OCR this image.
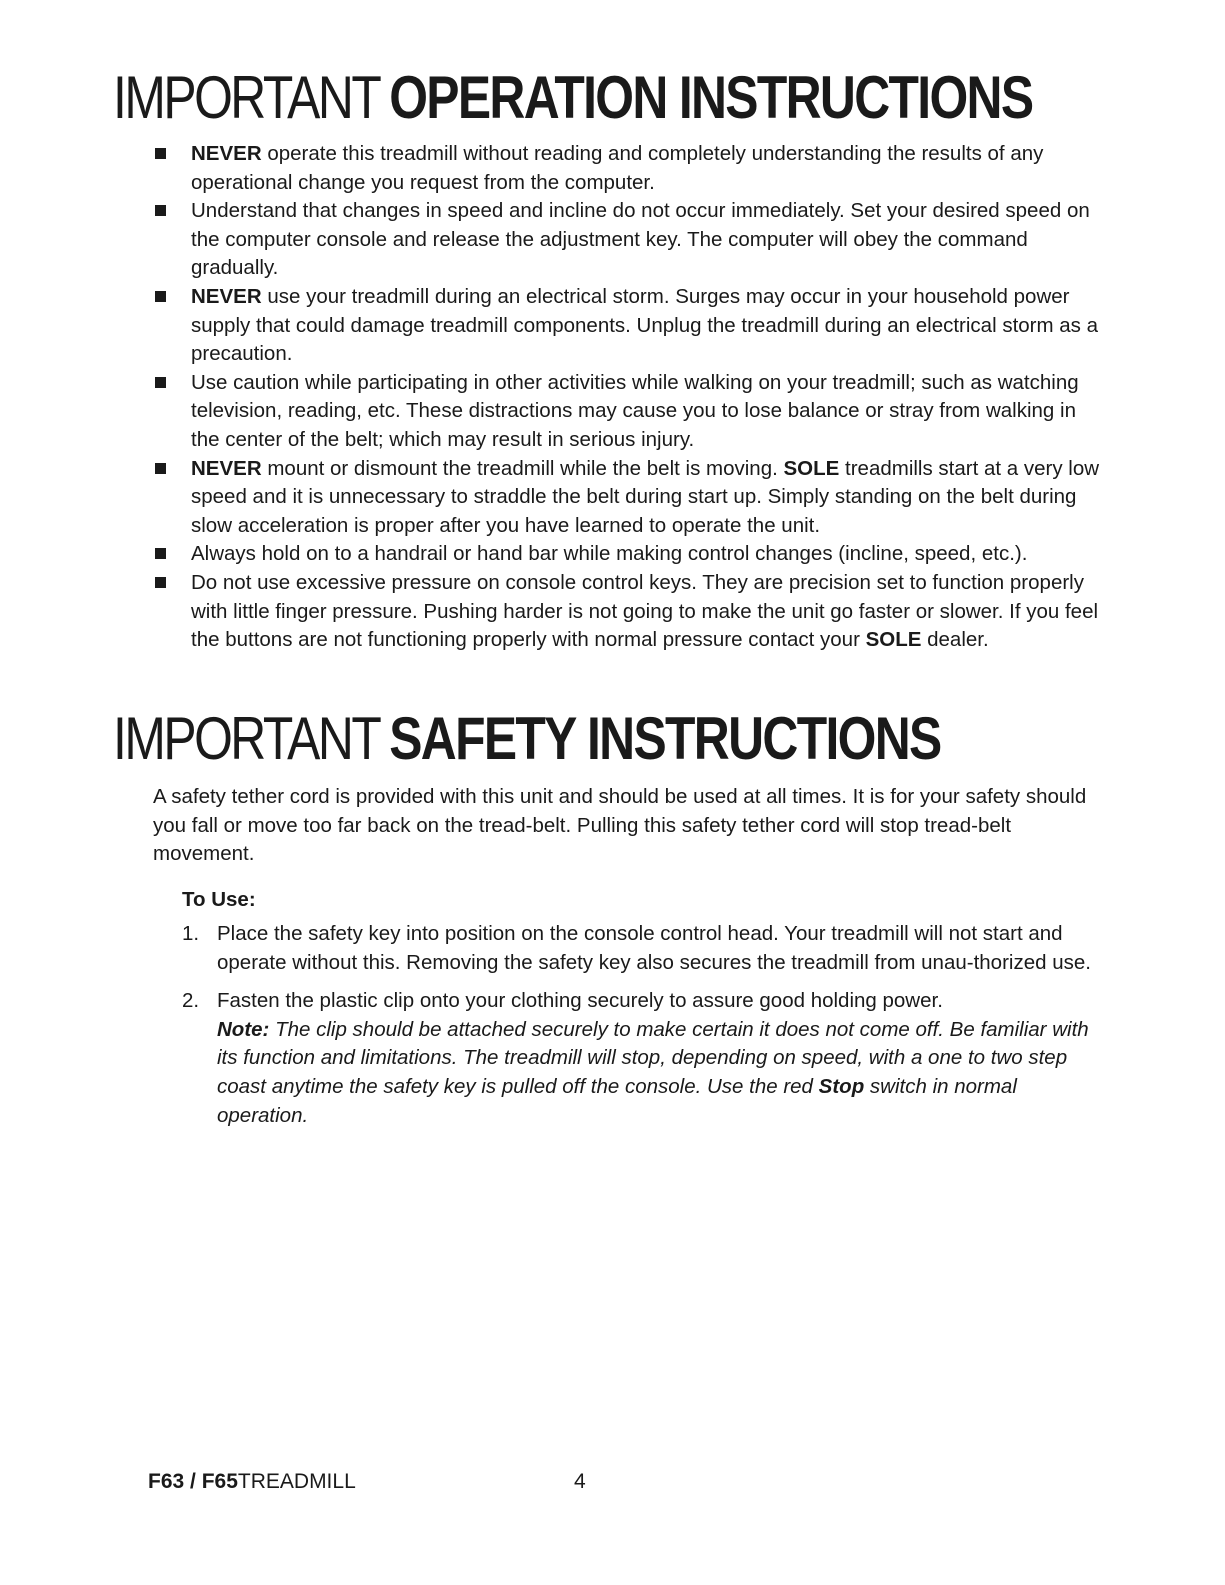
IMPORTANT OPERATION INSTRUCTIONS
NEVER operate this treadmill without reading and completely understanding the results of any operational change you request from the computer.
Understand that changes in speed and incline do not occur immediately. Set your desired speed on the computer console and release the adjustment key. The computer will obey the command gradually.
NEVER use your treadmill during an electrical storm. Surges may occur in your household power supply that could damage treadmill components. Unplug the treadmill during an electrical storm as a precaution.
Use caution while participating in other activities while walking on your treadmill; such as watching television, reading, etc. These distractions may cause you to lose balance or stray from walking in the center of the belt; which may result in serious injury.
NEVER mount or dismount the treadmill while the belt is moving. SOLE treadmills start at a very low speed and it is unnecessary to straddle the belt during start up. Simply standing on the belt during slow acceleration is proper after you have learned to operate the unit.
Always hold on to a handrail or hand bar while making control changes (incline, speed, etc.).
Do not use excessive pressure on console control keys. They are precision set to function properly with little finger pressure. Pushing harder is not going to make the unit go faster or slower. If you feel the buttons are not functioning properly with normal pressure contact your SOLE dealer.
IMPORTANT SAFETY INSTRUCTIONS

A safety tether cord is provided with this unit and should be used at all times. It is for your safety should you fall or move too far back on the tread-belt. Pulling this safety tether cord will stop tread-belt movement.

To Use:

1. Place the safety key into position on the console control head. Your treadmill will not start and operate without this. Removing the safety key also secures the treadmill from unau-thorized use.
2. Fasten the plastic clip onto your clothing securely to assure good holding power.
Note: The clip should be attached securely to make certain it does not come off. Be familiar with its function and limitations. The treadmill will stop, depending on speed, with a one to two step coast anytime the safety key is pulled off the console. Use the red Stop switch in normal operation.
F63 / F65TREADMILL	4
